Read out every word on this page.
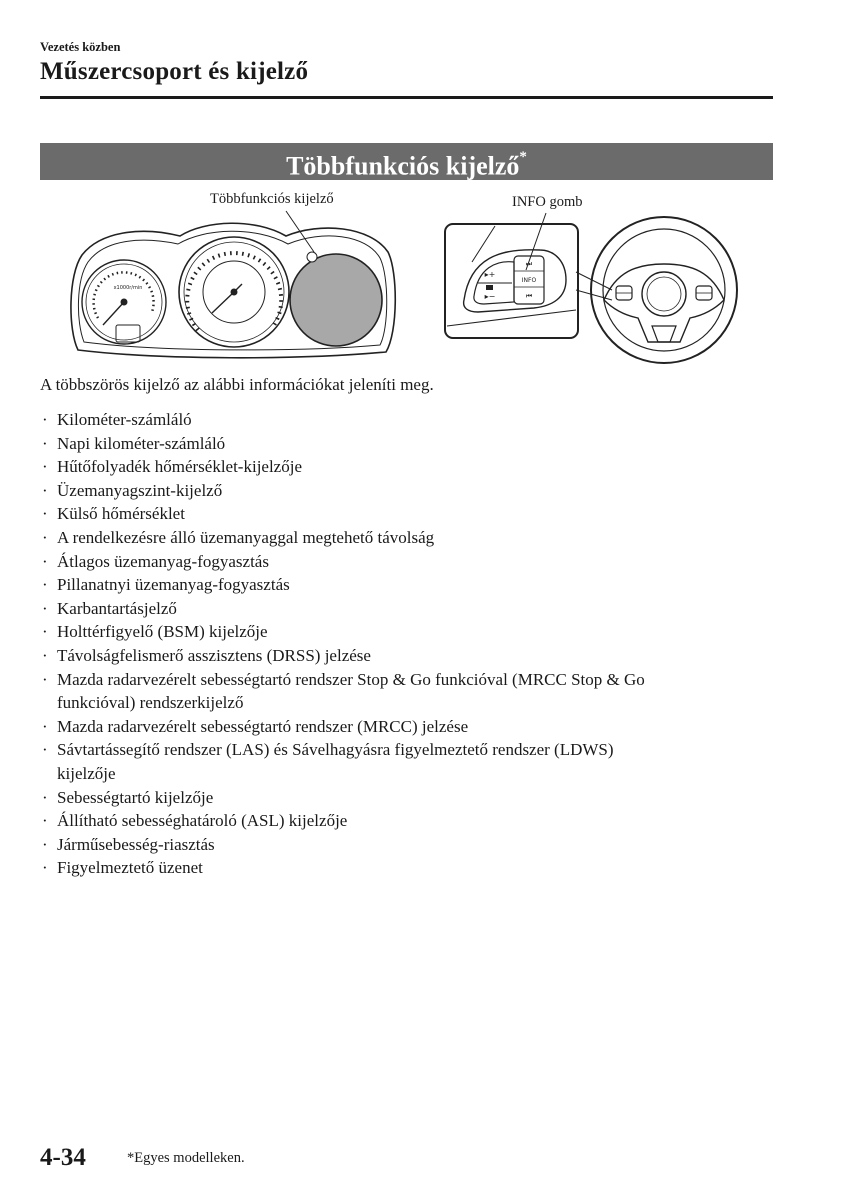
Vezetés közben
Műszercsoport és kijelző
Többfunkciós kijelző*
Többfunkciós kijelző	INFO gomb
x1000r/min
⏭
INFO
⏮
▸+
▸−
A többszörös kijelző az alábbi információkat jeleníti meg.
· Kilométer-számláló
· Napi kilométer-számláló
· Hűtőfolyadék hőmérséklet-kijelzője
· Üzemanyagszint-kijelző
· Külső hőmérséklet
· A rendelkezésre álló üzemanyaggal megtehető távolság
· Átlagos üzemanyag-fogyasztás
· Pillanatnyi üzemanyag-fogyasztás
· Karbantartásjelző
· Holttérfigyelő (BSM) kijelzője
· Távolságfelismerő asszisztens (DRSS) jelzése
· Mazda radarvezérelt sebességtartó rendszer Stop & Go funkcióval (MRCC Stop & Go
funkcióval) rendszerkijelző
· Mazda radarvezérelt sebességtartó rendszer (MRCC) jelzése
· Sávtartássegítő rendszer (LAS) és Sávelhagyásra figyelmeztető rendszer (LDWS)
kijelzője
· Sebességtartó kijelzője
· Állítható sebességhatároló (ASL) kijelzője
· Járműsebesség-riasztás
· Figyelmeztető üzenet
4-34	*Egyes modelleken.
